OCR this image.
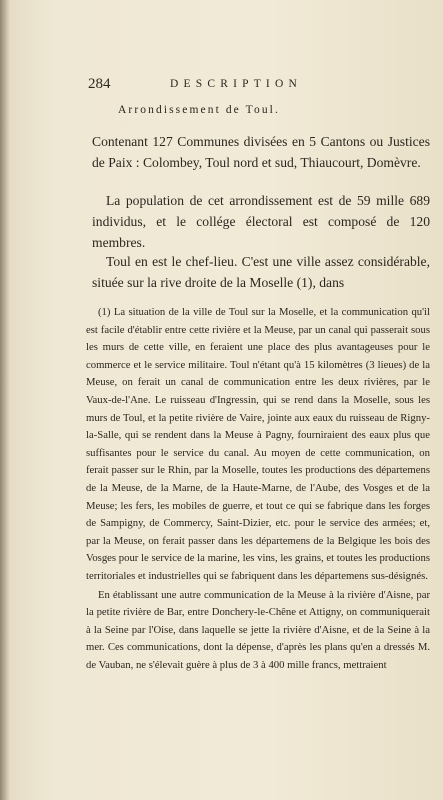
284	DESCRIPTION
Arrondissement de Toul.

Contenant 127 Communes divisées en 5 Cantons ou Justices de Paix : Colombey, Toul nord et sud, Thiaucourt, Domèvre.

La population de cet arrondissement est de 59 mille 689 individus, et le collége électoral est composé de 120 membres.

Toul en est le chef-lieu. C'est une ville assez considérable, située sur la rive droite de la Moselle (1), dans

(1) La situation de la ville de Toul sur la Moselle, et la communication qu'il est facile d'établir entre cette rivière et la Meuse, par un canal qui passerait sous les murs de cette ville, en feraient une place des plus avantageuses pour le commerce et le service militaire. Toul n'étant qu'à 15 kilomètres (3 lieues) de la Meuse, on ferait un canal de communication entre les deux rivières, par le Vaux-de-l'Ane. Le ruisseau d'Ingressin, qui se rend dans la Moselle, sous les murs de Toul, et la petite rivière de Vaire, jointe aux eaux du ruisseau de Rigny-la-Salle, qui se rendent dans la Meuse à Pagny, fourniraient des eaux plus que suffisantes pour le service du canal. Au moyen de cette communication, on ferait passer sur le Rhin, par la Moselle, toutes les productions des départemens de la Meuse, de la Marne, de la Haute-Marne, de l'Aube, des Vosges et de la Meuse; les fers, les mobiles de guerre, et tout ce qui se fabrique dans les forges de Sampigny, de Commercy, Saint-Dizier, etc. pour le service des armées; et, par la Meuse, on ferait passer dans les départemens de la Belgique les bois des Vosges pour le service de la marine, les vins, les grains, et toutes les productions territoriales et industrielles qui se fabriquent dans les départemens sus-désignés.

En établissant une autre communication de la Meuse à la rivière d'Aisne, par la petite rivière de Bar, entre Donchery-le-Chêne et Attigny, on communiquerait à la Seine par l'Oise, dans laquelle se jette la rivière d'Aisne, et de la Seine à la mer. Ces communications, dont la dépense, d'après les plans qu'en a dressés M. de Vauban, ne s'élevait guère à plus de 3 à 400 mille francs, mettraient
